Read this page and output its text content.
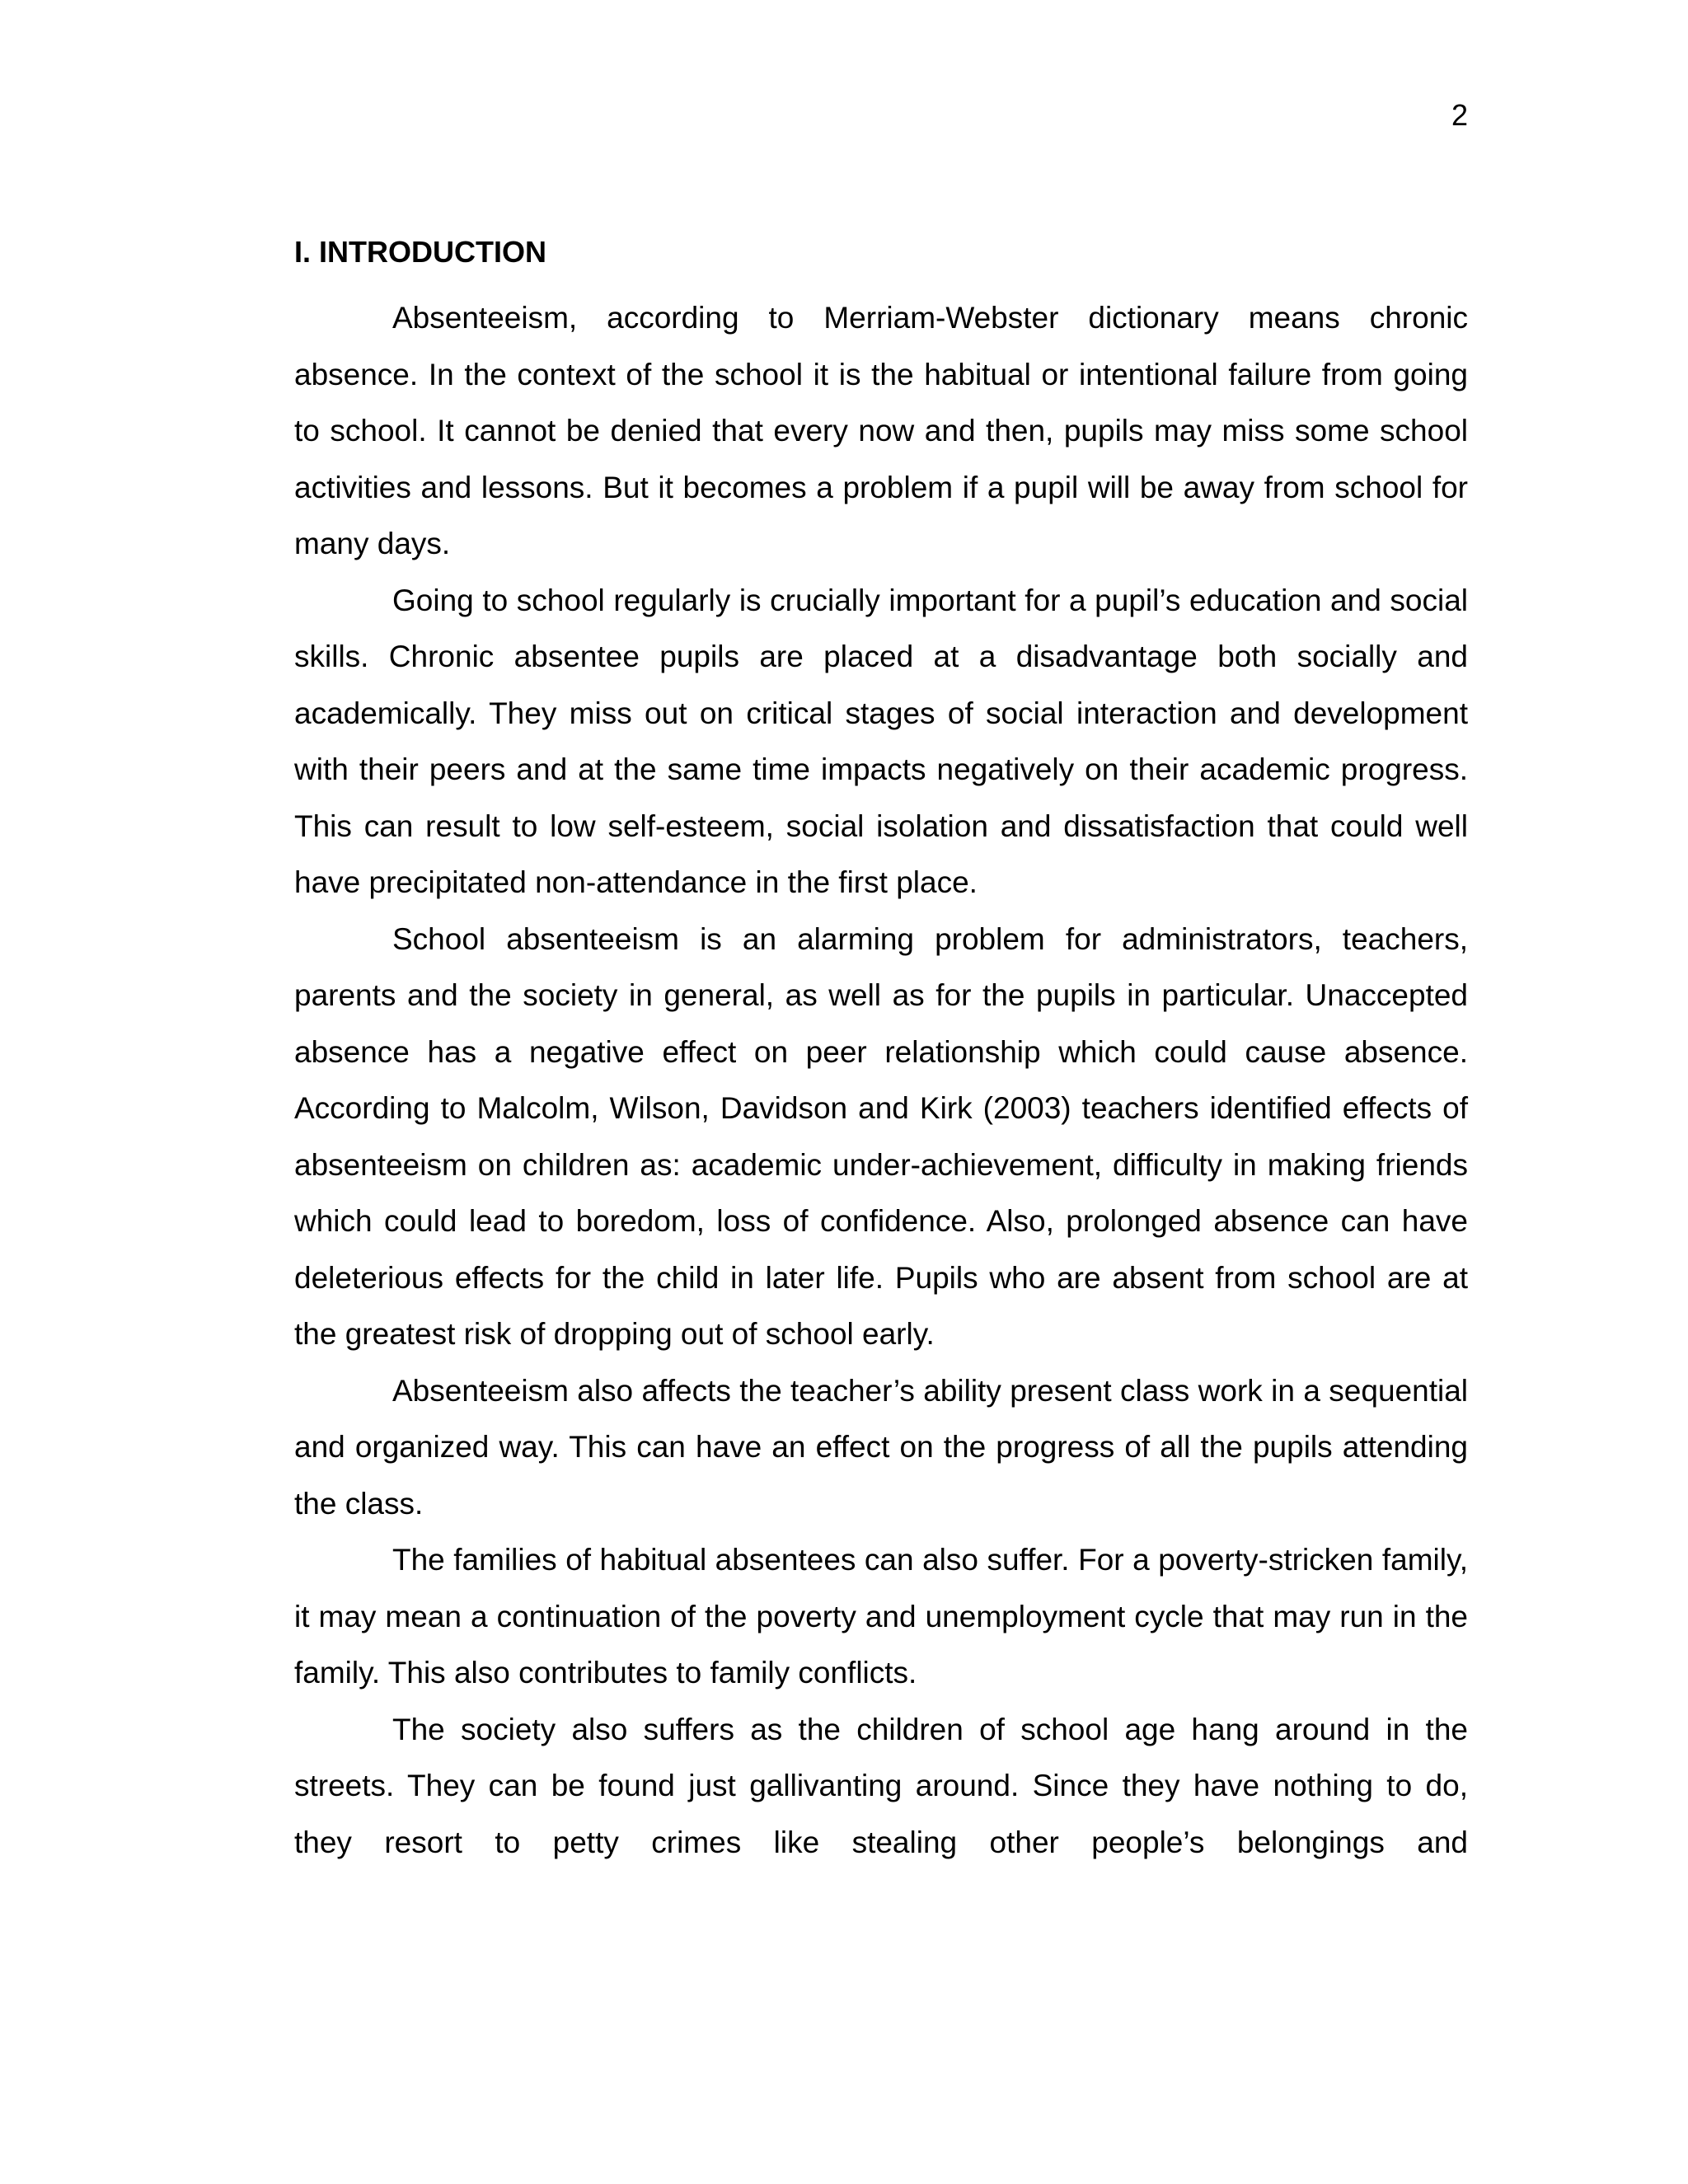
2
I. INTRODUCTION

Absenteeism, according to Merriam-Webster dictionary means chronic absence. In the context of the school it is the habitual or intentional failure from going to school. It cannot be denied that every now and then, pupils may miss some school activities and lessons. But it becomes a problem if a pupil will be away from school for many days.

Going to school regularly is crucially important for a pupil’s education and social skills. Chronic absentee pupils are placed at a disadvantage both socially and academically. They miss out on critical stages of social interaction and development with their peers and at the same time impacts negatively on their academic progress. This can result to low self-esteem, social isolation and dissatisfaction that could well have precipitated non-attendance in the first place.

School absenteeism is an alarming problem for administrators, teachers, parents and the society in general, as well as for the pupils in particular. Unaccepted absence has a negative effect on peer relationship which could cause absence. According to Malcolm, Wilson, Davidson and Kirk (2003) teachers identified effects of absenteeism on children as: academic under-achievement, difficulty in making friends which could lead to boredom, loss of confidence. Also, prolonged absence can have deleterious effects for the child in later life. Pupils who are absent from school are at the greatest risk of dropping out of school early.

Absenteeism also affects the teacher’s ability present class work in a sequential and organized way. This can have an effect on the progress of all the pupils attending the class.

The families of habitual absentees can also suffer. For a poverty-stricken family, it may mean a continuation of the poverty and unemployment cycle that may run in the family. This also contributes to family conflicts.

The society also suffers as the children of school age hang around in the streets. They can be found just gallivanting around. Since they have nothing to do, they resort to petty crimes like stealing other people’s belongings and
